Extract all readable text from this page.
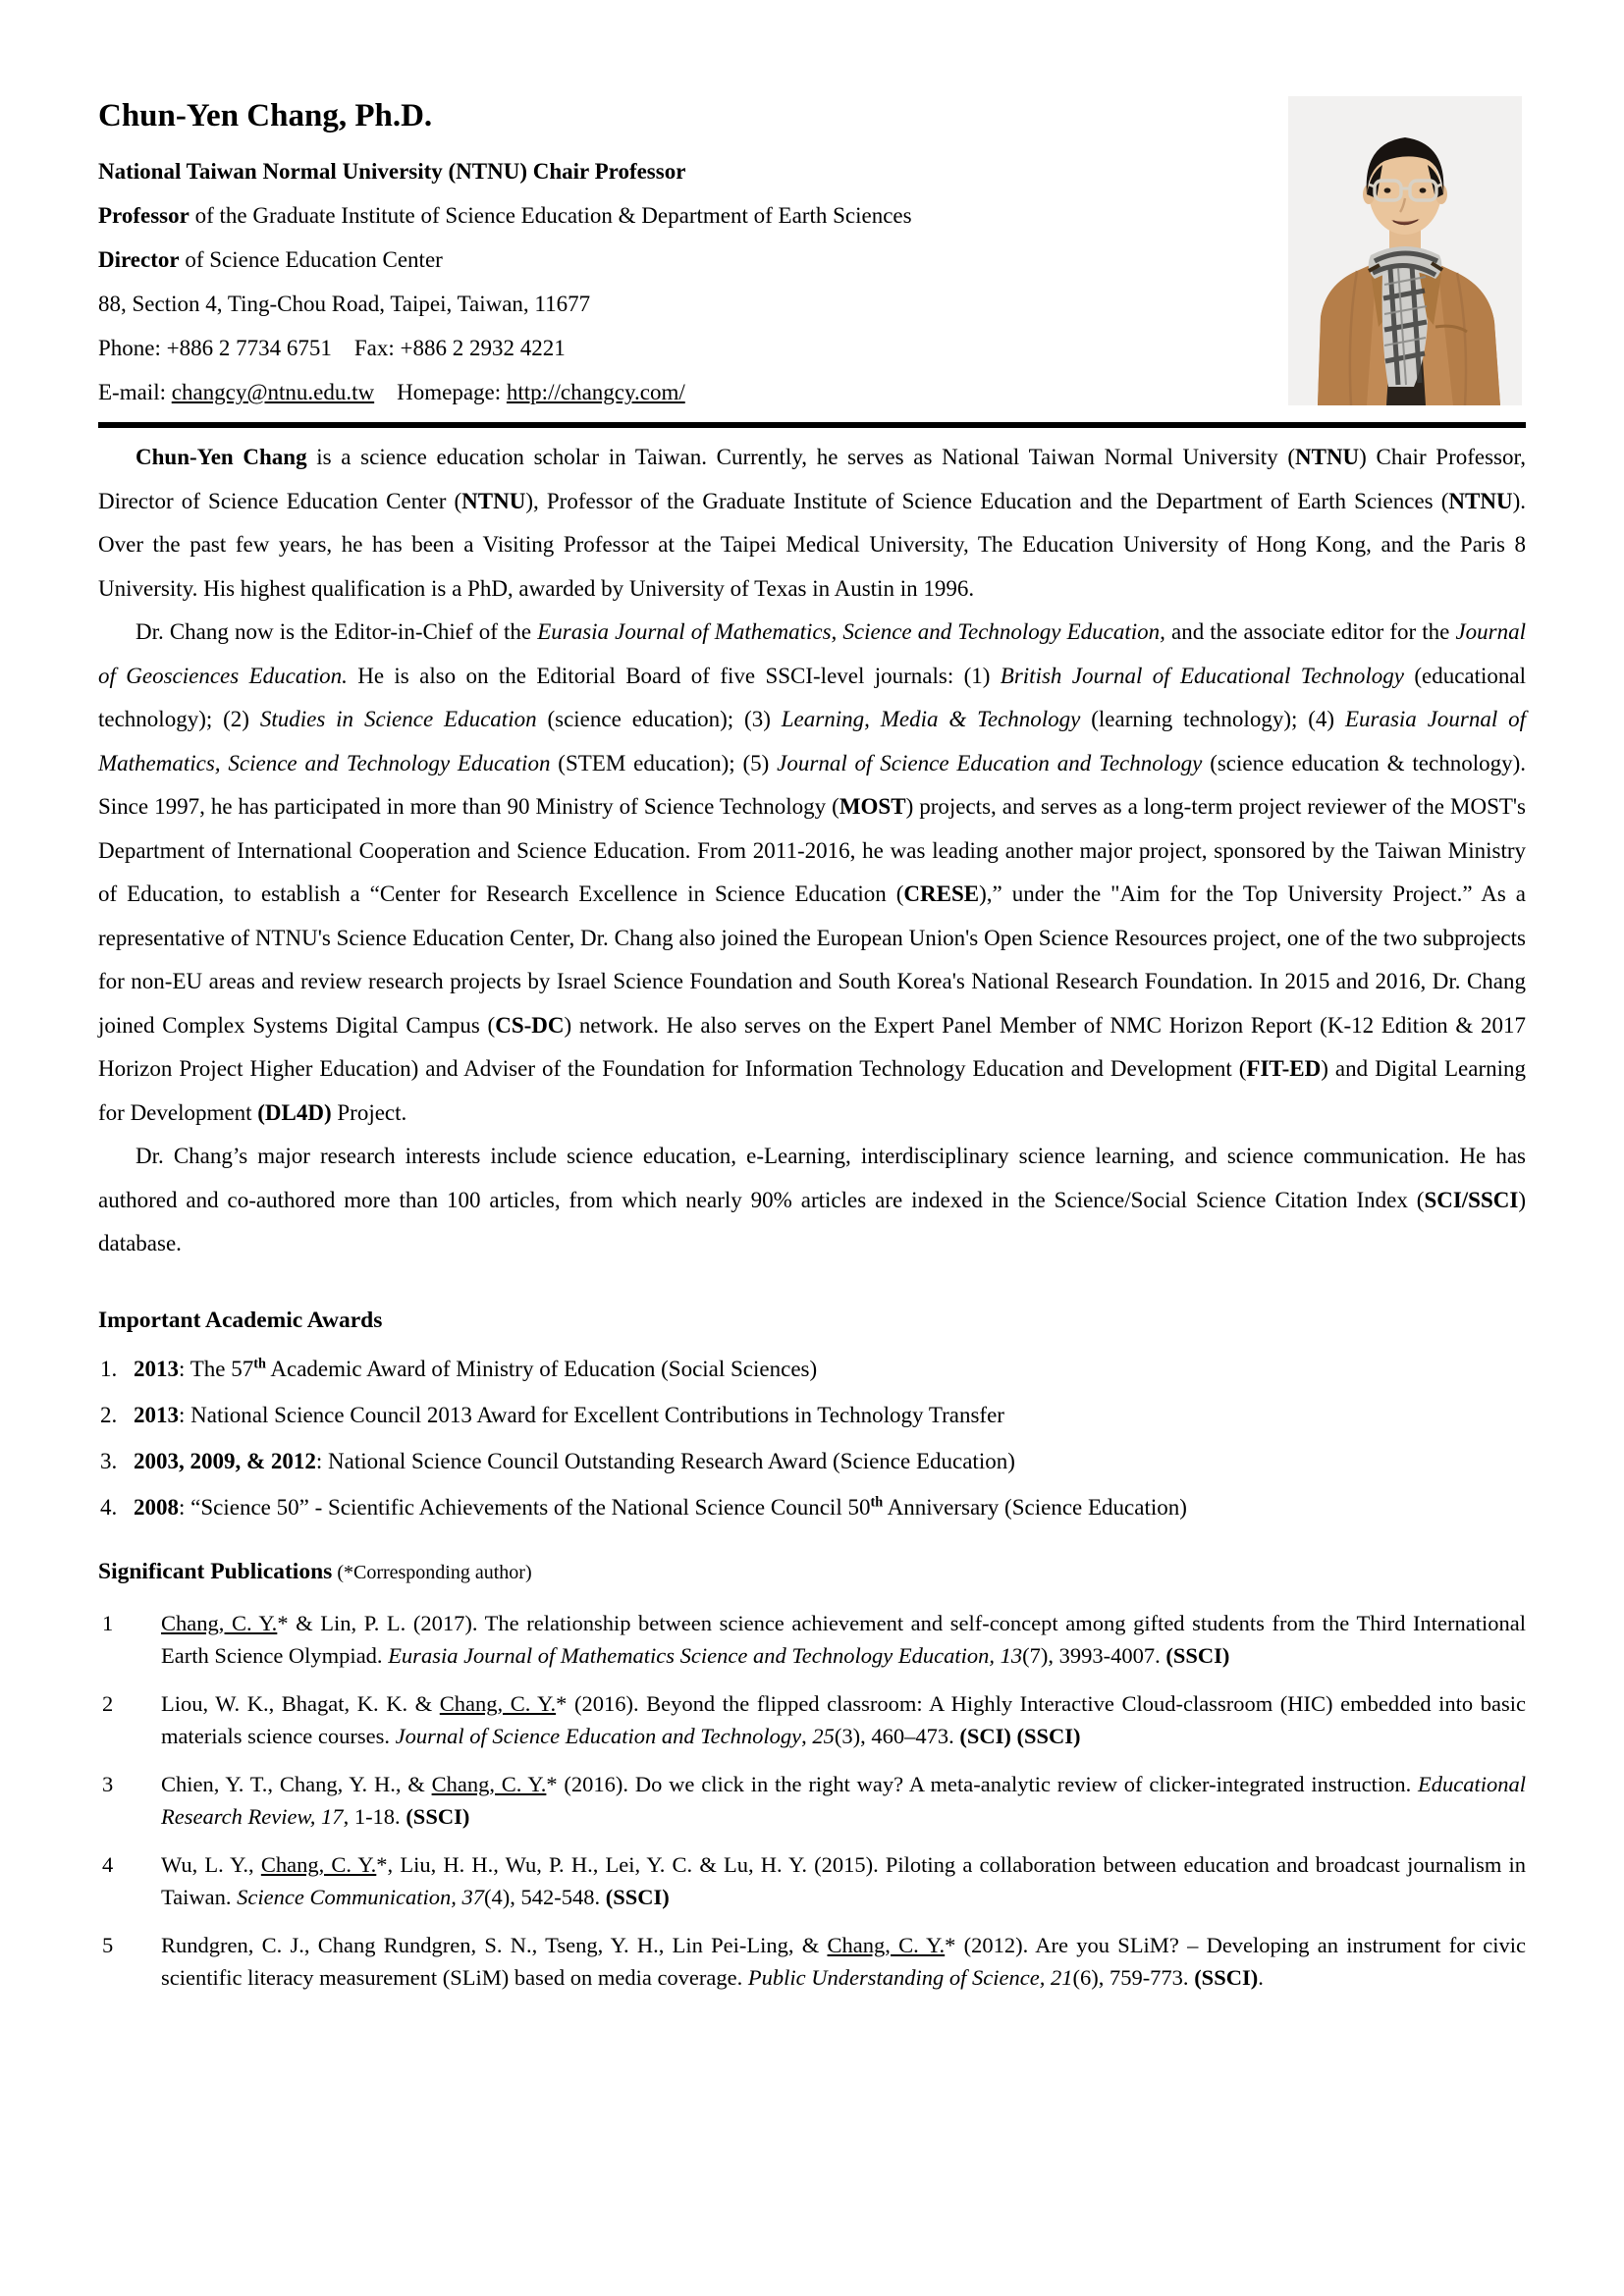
Chun-Yen Chang, Ph.D.

National Taiwan Normal University (NTNU) Chair Professor

Professor of the Graduate Institute of Science Education & Department of Earth Sciences

Director of Science Education Center

88, Section 4, Ting-Chou Road, Taipei, Taiwan, 11677

Phone: +886 2 7734 6751    Fax: +886 2 2932 4221

E-mail: changcy@ntnu.edu.tw    Homepage: http://changcy.com/

Chun-Yen Chang is a science education scholar in Taiwan. Currently, he serves as National Taiwan Normal University (NTNU) Chair Professor, Director of Science Education Center (NTNU), Professor of the Graduate Institute of Science Education and the Department of Earth Sciences (NTNU). Over the past few years, he has been a Visiting Professor at the Taipei Medical University, The Education University of Hong Kong, and the Paris 8 University. His highest qualification is a PhD, awarded by University of Texas in Austin in 1996.

Dr. Chang now is the Editor-in-Chief of the Eurasia Journal of Mathematics, Science and Technology Education, and the associate editor for the Journal of Geosciences Education. He is also on the Editorial Board of five SSCI-level journals: (1) British Journal of Educational Technology (educational technology); (2) Studies in Science Education (science education); (3) Learning, Media & Technology (learning technology); (4) Eurasia Journal of Mathematics, Science and Technology Education (STEM education); (5) Journal of Science Education and Technology (science education & technology). Since 1997, he has participated in more than 90 Ministry of Science Technology (MOST) projects, and serves as a long-term project reviewer of the MOST's Department of International Cooperation and Science Education. From 2011-2016, he was leading another major project, sponsored by the Taiwan Ministry of Education, to establish a “Center for Research Excellence in Science Education (CRESE),” under the "Aim for the Top University Project.” As a representative of NTNU's Science Education Center, Dr. Chang also joined the European Union's Open Science Resources project, one of the two subprojects for non-EU areas and review research projects by Israel Science Foundation and South Korea's National Research Foundation. In 2015 and 2016, Dr. Chang joined Complex Systems Digital Campus (CS-DC) network. He also serves on the Expert Panel Member of NMC Horizon Report (K-12 Edition & 2017 Horizon Project Higher Education) and Adviser of the Foundation for Information Technology Education and Development (FIT-ED) and Digital Learning for Development (DL4D) Project.

Dr. Chang’s major research interests include science education, e-Learning, interdisciplinary science learning, and science communication. He has authored and co-authored more than 100 articles, from which nearly 90% articles are indexed in the Science/Social Science Citation Index (SCI/SSCI) database.

Important Academic Awards
1. 2013: The 57th Academic Award of Ministry of Education (Social Sciences)
2. 2013: National Science Council 2013 Award for Excellent Contributions in Technology Transfer
3. 2003, 2009, & 2012: National Science Council Outstanding Research Award (Science Education)
4. 2008: “Science 50” - Scientific Achievements of the National Science Council 50th Anniversary (Science Education)
Significant Publications (*Corresponding author)
1 Chang, C. Y.* & Lin, P. L. (2017). The relationship between science achievement and self-concept among gifted students from the Third International Earth Science Olympiad. Eurasia Journal of Mathematics Science and Technology Education, 13(7), 3993-4007. (SSCI)
2 Liou, W. K., Bhagat, K. K. & Chang, C. Y.* (2016). Beyond the flipped classroom: A Highly Interactive Cloud-classroom (HIC) embedded into basic materials science courses. Journal of Science Education and Technology, 25(3), 460–473. (SCI) (SSCI)
3 Chien, Y. T., Chang, Y. H., & Chang, C. Y.* (2016). Do we click in the right way? A meta-analytic review of clicker-integrated instruction. Educational Research Review, 17, 1-18. (SSCI)
4 Wu, L. Y., Chang, C. Y.*, Liu, H. H., Wu, P. H., Lei, Y. C. & Lu, H. Y. (2015). Piloting a collaboration between education and broadcast journalism in Taiwan. Science Communication, 37(4), 542-548. (SSCI)
5 Rundgren, C. J., Chang Rundgren, S. N., Tseng, Y. H., Lin Pei-Ling, & Chang, C. Y.* (2012). Are you SLiM? – Developing an instrument for civic scientific literacy measurement (SLiM) based on media coverage. Public Understanding of Science, 21(6), 759-773. (SSCI).
